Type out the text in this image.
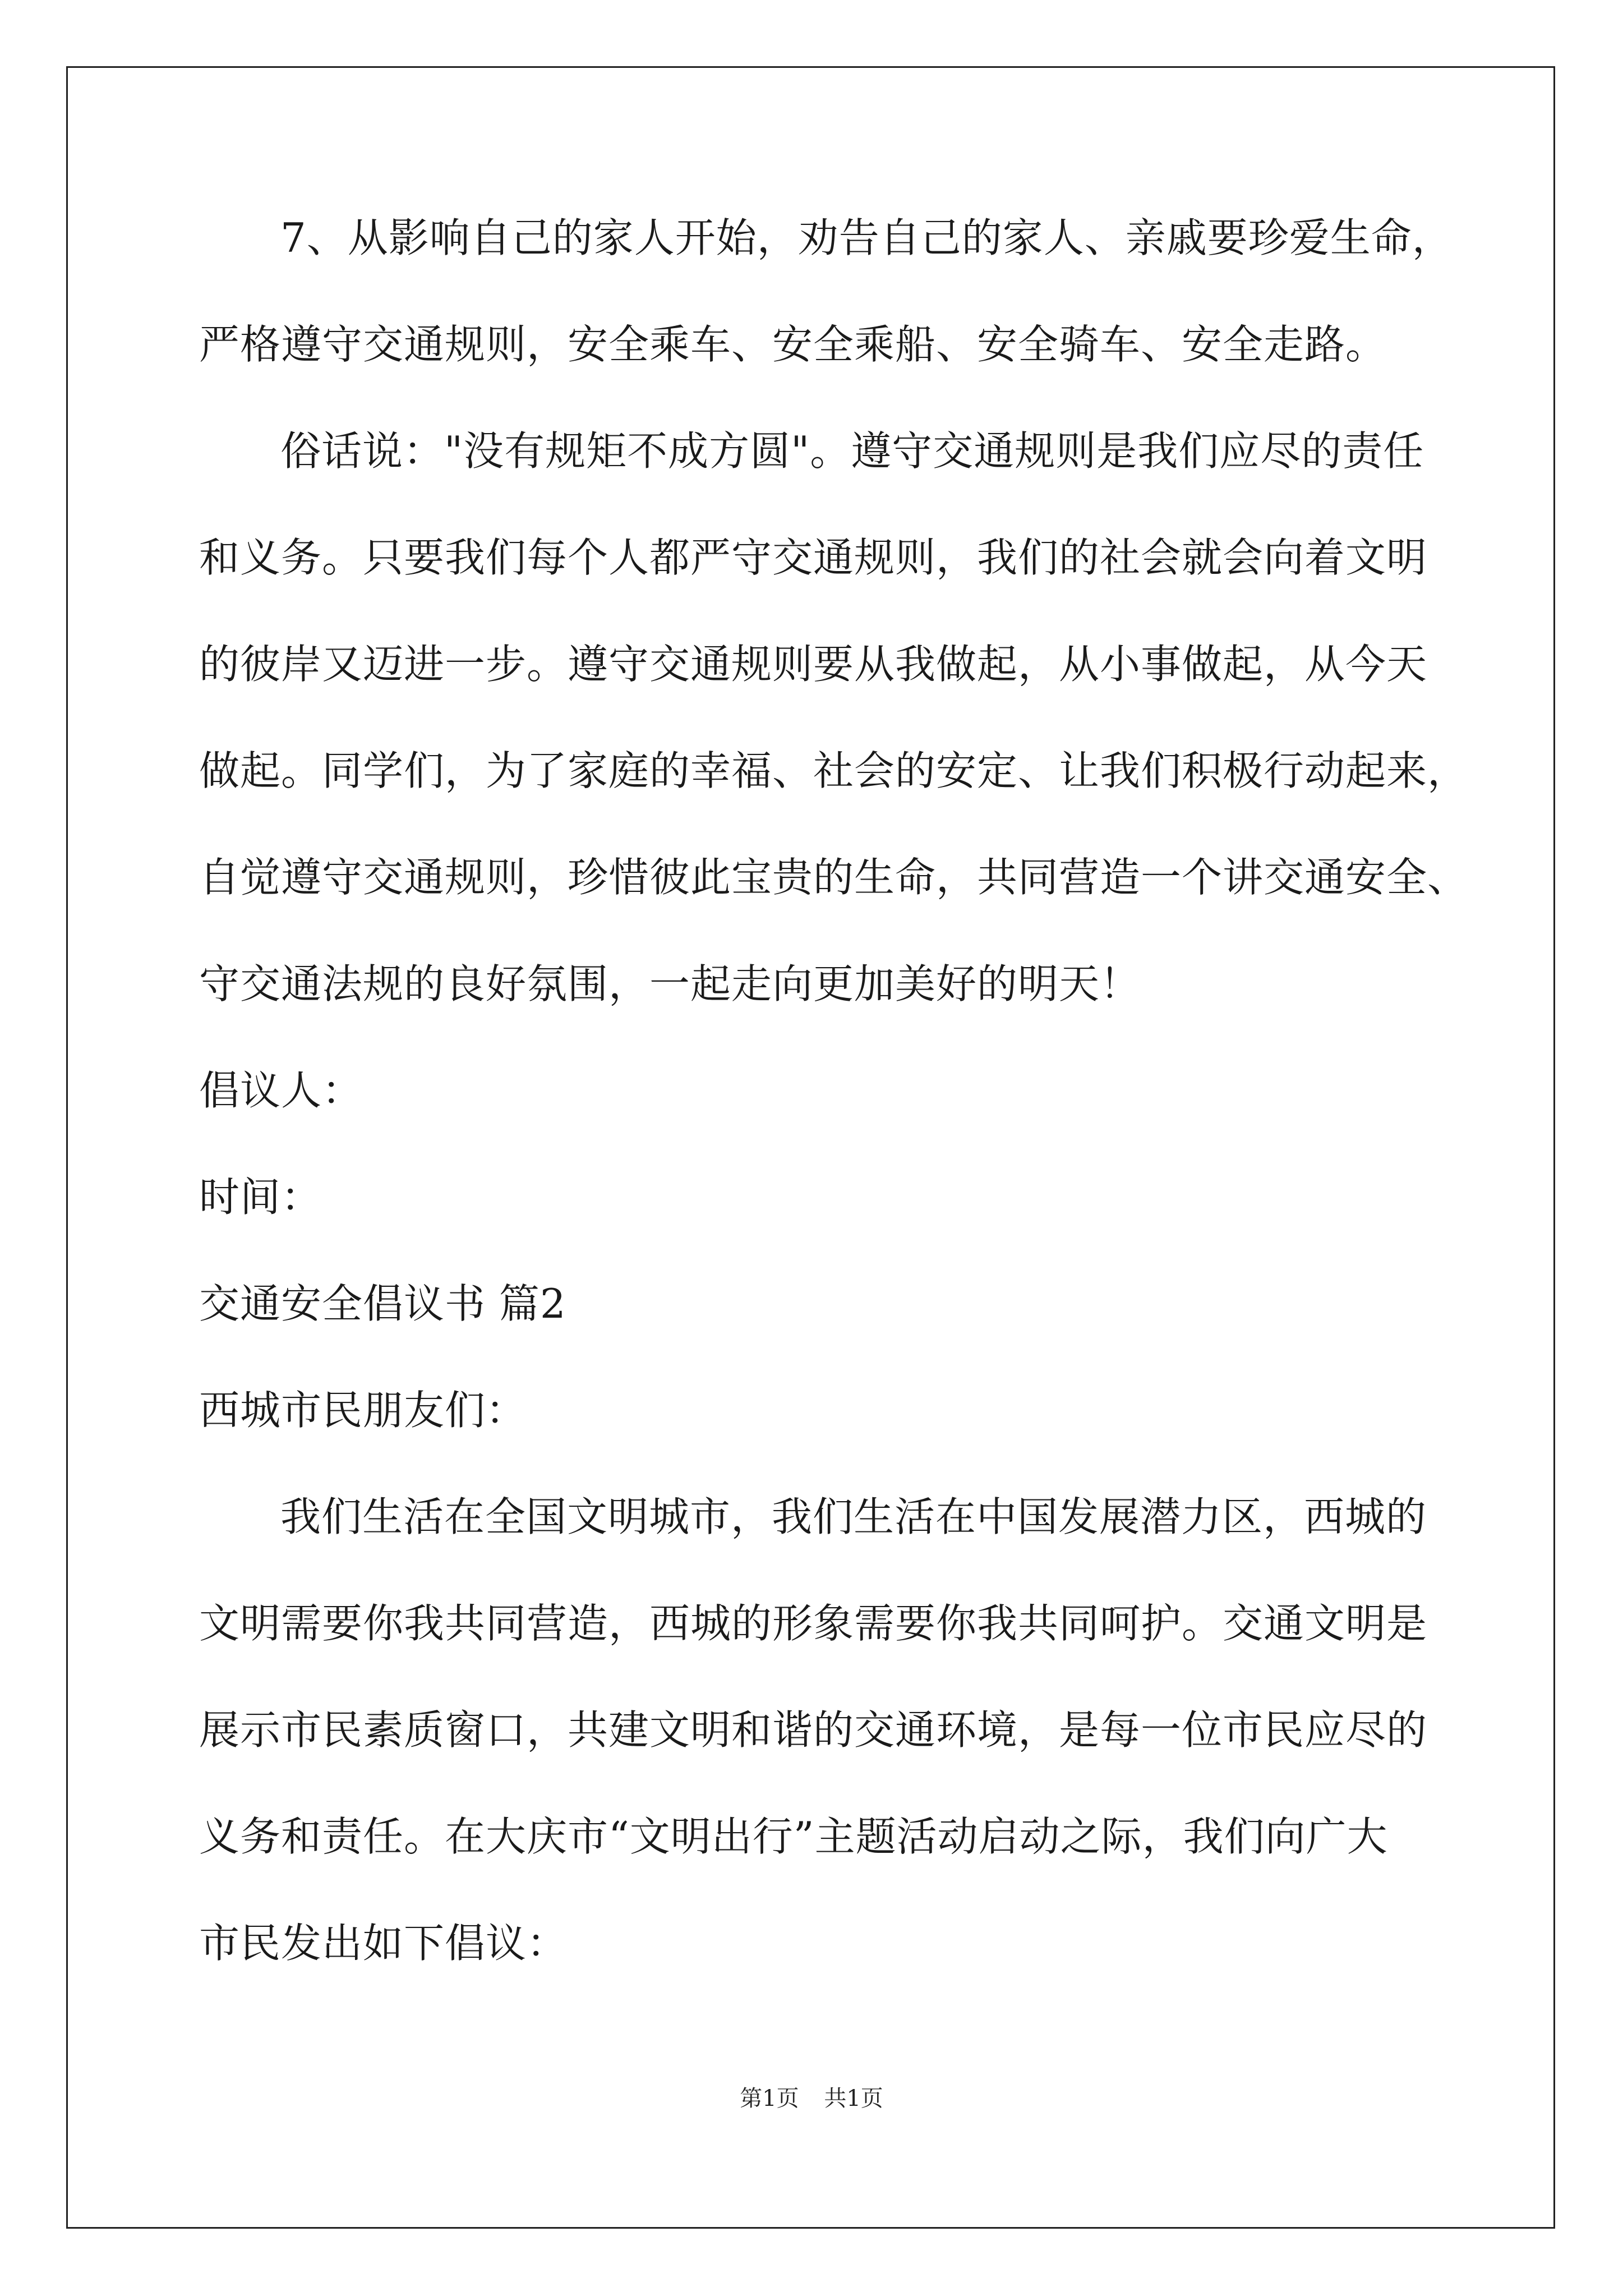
7、从影响自己的家人开始，劝告自己的家人、亲戚要珍爱生命，
严格遵守交通规则，安全乘车、安全乘船、安全骑车、安全走路。
俗话说："没有规矩不成方圆"。遵守交通规则是我们应尽的责任
和义务。只要我们每个人都严守交通规则，我们的社会就会向着文明
的彼岸又迈进一步。遵守交通规则要从我做起，从小事做起，从今天
做起。同学们，为了家庭的幸福、社会的安定、让我们积极行动起来，
自觉遵守交通规则，珍惜彼此宝贵的生命，共同营造一个讲交通安全、
守交通法规的良好氛围，一起走向更加美好的明天！
倡议人：
时间：
交通安全倡议书 篇2
西城市民朋友们：
我们生活在全国文明城市，我们生活在中国发展潜力区，西城的
文明需要你我共同营造，西城的形象需要你我共同呵护。交通文明是
展示市民素质窗口，共建文明和谐的交通环境，是每一位市民应尽的
义务和责任。在大庆市“文明出行”主题活动启动之际，我们向广大
市民发出如下倡议：
第1页 共1页
